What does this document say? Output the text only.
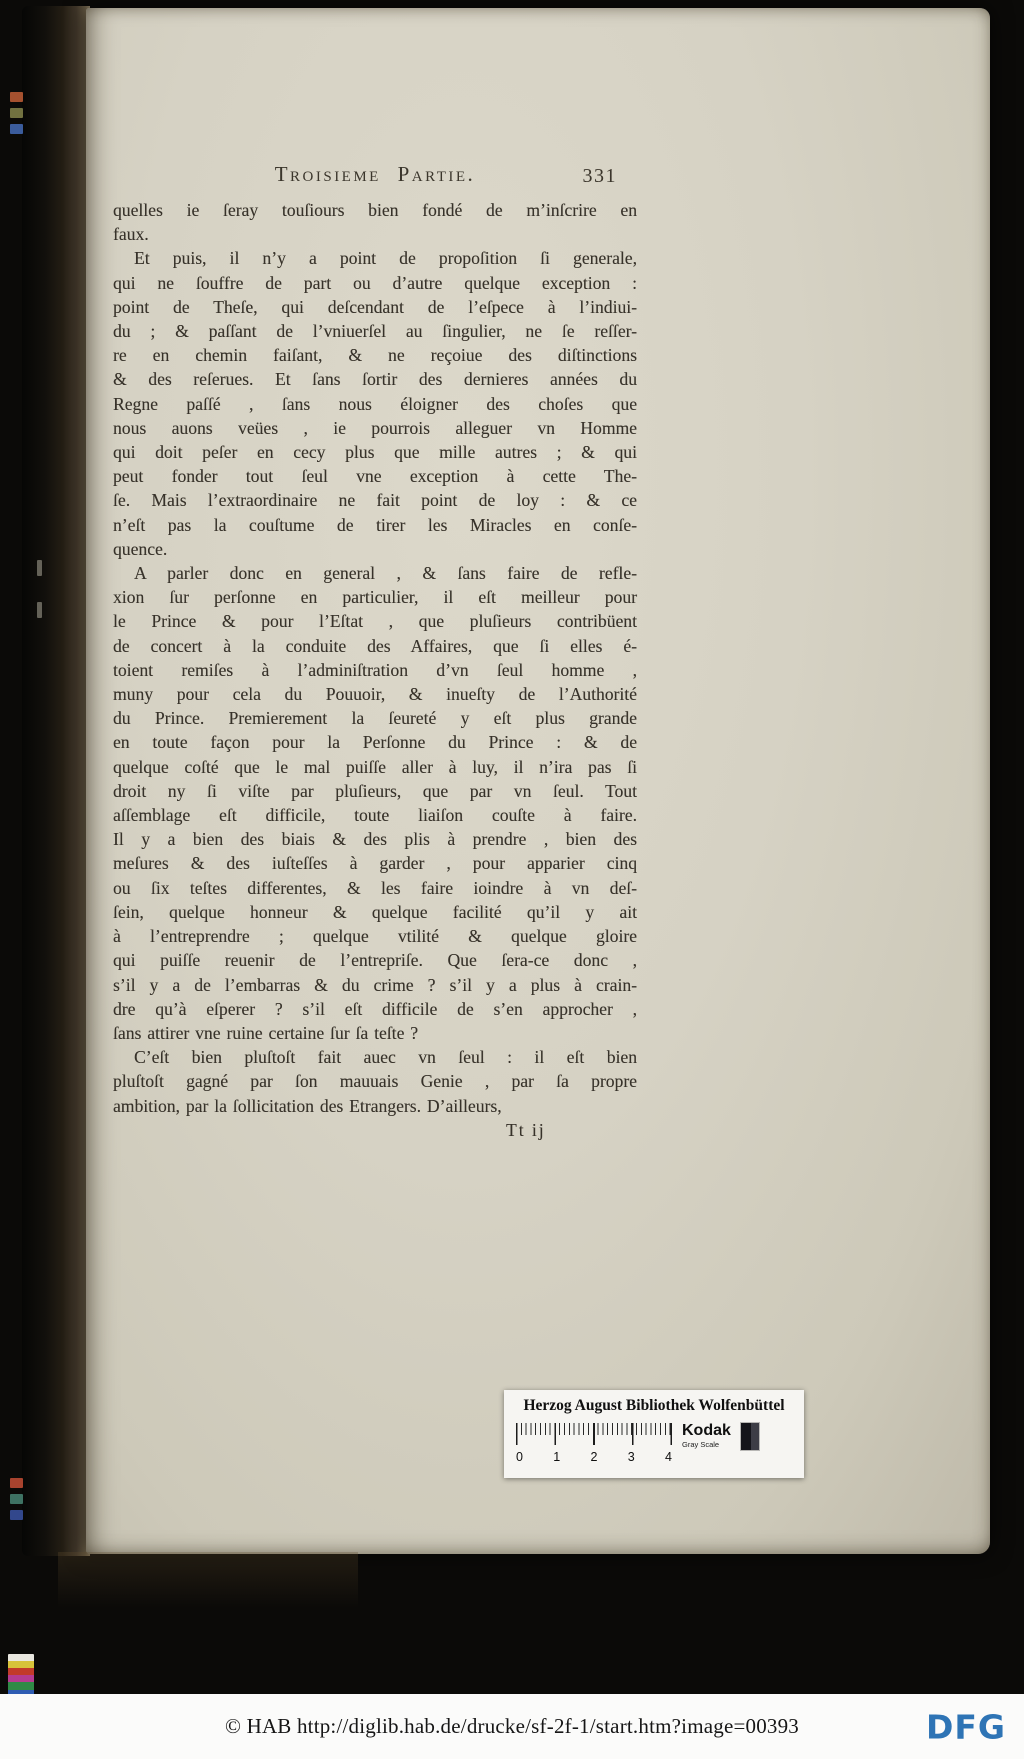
Troisieme Partie.	331
quelles ie ſeray touſiours bien fondé de m’inſcrire en
faux.
Et puis, il n’y a point de propoſition ſi generale,
qui ne ſouffre de part ou d’autre quelque exception :
point de Theſe, qui deſcendant de l’eſpece à l’indiui-
du ; & paſſant de l’vniuerſel au ſingulier, ne ſe reſſer-
re en chemin faiſant, & ne reçoiue des diſtinctions
& des reſerues. Et ſans ſortir des dernieres années du
Regne paſſé , ſans nous éloigner des choſes que
nous auons veües , ie pourrois alleguer vn Homme
qui doit peſer en cecy plus que mille autres ; & qui
peut fonder tout ſeul vne exception à cette The-
ſe. Mais l’extraordinaire ne fait point de loy : & ce
n’eſt pas la couſtume de tirer les Miracles en conſe-
quence.
A parler donc en general , & ſans faire de refle-
xion ſur perſonne en particulier, il eſt meilleur pour
le Prince & pour l’Eſtat , que pluſieurs contribüent
de concert à la conduite des Affaires, que ſi elles é-
toient remiſes à l’adminiſtration d’vn ſeul homme ,
muny pour cela du Pouuoir, & inueſty de l’Authorité
du Prince. Premierement la ſeureté y eſt plus grande
en toute façon pour la Perſonne du Prince : & de
quelque coſté que le mal puiſſe aller à luy, il n’ira pas ſi
droit ny ſi viſte par pluſieurs, que par vn ſeul. Tout
aſſemblage eſt difficile, toute liaiſon couſte à faire.
Il y a bien des biais & des plis à prendre , bien des
meſures & des iuſteſſes à garder , pour apparier cinq
ou ſix teſtes differentes, & les faire ioindre à vn deſ-
ſein, quelque honneur & quelque facilité qu’il y ait
à l’entreprendre ; quelque vtilité & quelque gloire
qui puiſſe reuenir de l’entrepriſe. Que ſera-ce donc ,
s’il y a de l’embarras & du crime ? s’il y a plus à crain-
dre qu’à eſperer ? s’il eſt difficile de s’en approcher ,
ſans attirer vne ruine certaine ſur ſa teſte ?
C’eſt bien pluſtoſt fait auec vn ſeul : il eſt bien
pluſtoſt gagné par ſon mauuais Genie , par ſa propre
ambition, par la ſollicitation des Etrangers. D’ailleurs,
Tt ij
Herzog August Bibliothek Wolfenbüttel
Kodak
Gray Scale
0 1 2 3 4
© HAB http://diglib.hab.de/drucke/sf-2f-1/start.htm?image=00393	DFG
